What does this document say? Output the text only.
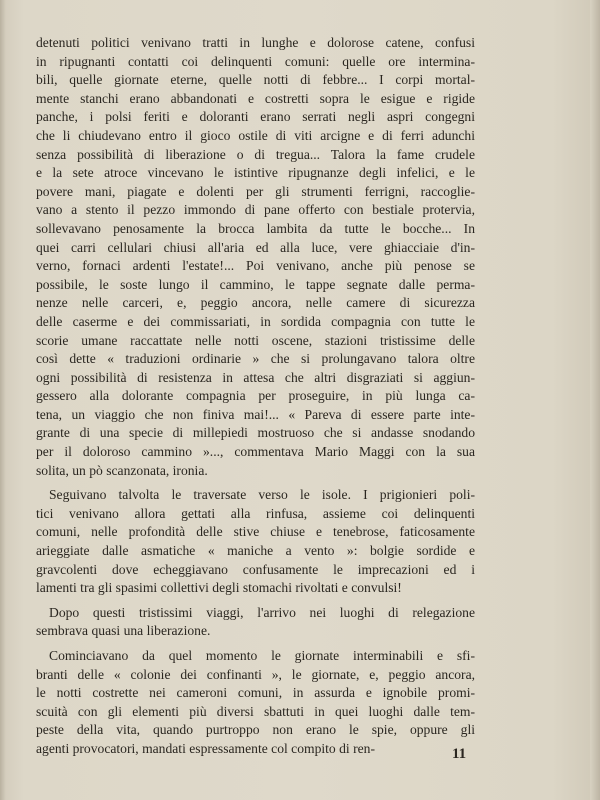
detenuti politici venivano tratti in lunghe e dolorose catene, confusi
in ripugnanti contatti coi delinquenti comuni: quelle ore intermina-
bili, quelle giornate eterne, quelle notti di febbre... I corpi mortal-
mente stanchi erano abbandonati e costretti sopra le esigue e rigide
panche, i polsi feriti e doloranti erano serrati negli aspri congegni
che li chiudevano entro il gioco ostile di viti arcigne e di ferri adunchi
senza possibilità di liberazione o di tregua... Talora la fame crudele
e la sete atroce vincevano le istintive ripugnanze degli infelici, e le
povere mani, piagate e dolenti per gli strumenti ferrigni, raccoglie-
vano a stento il pezzo immondo di pane offerto con bestiale protervia,
sollevavano penosamente la brocca lambita da tutte le bocche... In
quei carri cellulari chiusi all'aria ed alla luce, vere ghiacciaie d'in-
verno, fornaci ardenti l'estate!... Poi venivano, anche più penose se
possibile, le soste lungo il cammino, le tappe segnate dalle perma-
nenze nelle carceri, e, peggio ancora, nelle camere di sicurezza
delle caserme e dei commissariati, in sordida compagnia con tutte le
scorie umane raccattate nelle notti oscene, stazioni tristissime delle
così dette « traduzioni ordinarie » che si prolungavano talora oltre
ogni possibilità di resistenza in attesa che altri disgraziati si aggiun-
gessero alla dolorante compagnia per proseguire, in più lunga ca-
tena, un viaggio che non finiva mai!... « Pareva di essere parte inte-
grante di una specie di millepiedi mostruoso che si andasse snodando
per il doloroso cammino »..., commentava Mario Maggi con la sua
solita, un pò scanzonata, ironia.
Seguivano talvolta le traversate verso le isole. I prigionieri poli-
tici venivano allora gettati alla rinfusa, assieme coi delinquenti
comuni, nelle profondità delle stive chiuse e tenebrose, faticosamente
arieggiate dalle asmatiche « maniche a vento »: bolgie sordide e
gravcolenti dove echeggiavano confusamente le imprecazioni ed i
lamenti tra gli spasimi collettivi degli stomachi rivoltati e convulsi!
Dopo questi tristissimi viaggi, l'arrivo nei luoghi di relegazione
sembrava quasi una liberazione.
Cominciavano da quel momento le giornate interminabili e sfi-
branti delle « colonie dei confinanti », le giornate, e, peggio ancora,
le notti costrette nei cameroni comuni, in assurda e ignobile promi-
scuità con gli elementi più diversi sbattuti in quei luoghi dalle tem-
peste della vita, quando purtroppo non erano le spie, oppure gli
agenti provocatori, mandati espressamente col compito di ren-	11
